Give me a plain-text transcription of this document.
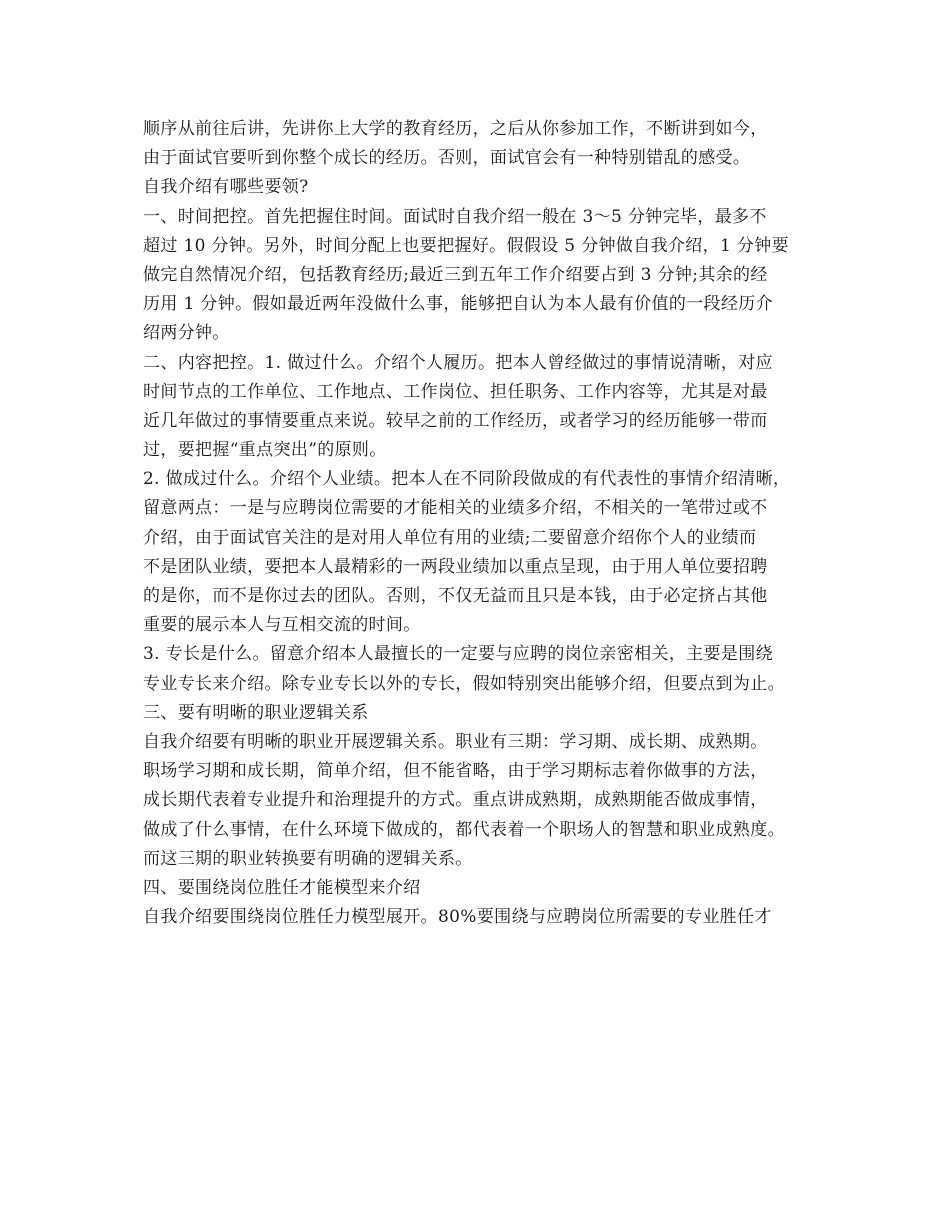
顺序从前往后讲，先讲你上大学的教育经历，之后从你参加工作，不断讲到如今，
由于面试官要听到你整个成长的经历。否则，面试官会有一种特别错乱的感受。
自我介绍有哪些要领?
一、时间把控。首先把握住时间。面试时自我介绍一般在 3～5 分钟完毕，最多不
超过 10 分钟。另外，时间分配上也要把握好。假假设 5 分钟做自我介绍，1 分钟要
做完自然情况介绍，包括教育经历;最近三到五年工作介绍要占到 3 分钟;其余的经
历用 1 分钟。假如最近两年没做什么事，能够把自认为本人最有价值的一段经历介
绍两分钟。
二、内容把控。1. 做过什么。介绍个人履历。把本人曾经做过的事情说清晰，对应
时间节点的工作单位、工作地点、工作岗位、担任职务、工作内容等，尤其是对最
近几年做过的事情要重点来说。较早之前的工作经历，或者学习的经历能够一带而
过，要把握“重点突出”的原则。
2. 做成过什么。介绍个人业绩。把本人在不同阶段做成的有代表性的事情介绍清晰，
留意两点：一是与应聘岗位需要的才能相关的业绩多介绍，不相关的一笔带过或不
介绍，由于面试官关注的是对用人单位有用的业绩;二要留意介绍你个人的业绩而
不是团队业绩，要把本人最精彩的一两段业绩加以重点呈现，由于用人单位要招聘
的是你，而不是你过去的团队。否则，不仅无益而且只是本钱，由于必定挤占其他
重要的展示本人与互相交流的时间。
3. 专长是什么。留意介绍本人最擅长的一定要与应聘的岗位亲密相关，主要是围绕
专业专长来介绍。除专业专长以外的专长，假如特别突出能够介绍，但要点到为止。
三、要有明晰的职业逻辑关系
自我介绍要有明晰的职业开展逻辑关系。职业有三期：学习期、成长期、成熟期。
职场学习期和成长期，简单介绍，但不能省略，由于学习期标志着你做事的方法，
成长期代表着专业提升和治理提升的方式。重点讲成熟期，成熟期能否做成事情，
做成了什么事情，在什么环境下做成的，都代表着一个职场人的智慧和职业成熟度。
而这三期的职业转换要有明确的逻辑关系。
四、要围绕岗位胜任才能模型来介绍
自我介绍要围绕岗位胜任力模型展开。80%要围绕与应聘岗位所需要的专业胜任才
